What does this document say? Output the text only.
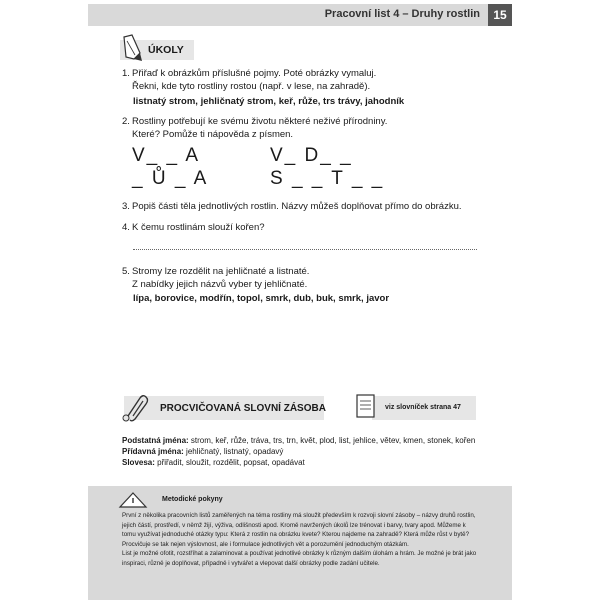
Pracovní list 4 – Druhy rostlin	15
ÚKOLY
1. Přiřaď k obrázkům příslušné pojmy. Poté obrázky vymaluj.
Řekni, kde tyto rostliny rostou (např. v lese, na zahradě).
listnatý strom, jehličnatý strom, keř, růže, trs trávy, jahodník
2. Rostliny potřebují ke svému životu některé neživé přírodniny.
Které? Pomůže ti nápověda z písmen.
V_ _ A	V_ D_ _
_ Ů _ A	S _ _ T _ _
3. Popiš části těla jednotlivých rostlin. Názvy můžeš doplňovat přímo do obrázku.
4. K čemu rostlinám slouží kořen?
5. Stromy lze rozdělit na jehličnaté a listnaté.
Z nabídky jejich názvů vyber ty jehličnaté.
lípa, borovice, modřín, topol, smrk, dub, buk, smrk, javor
PROCVIČOVANÁ SLOVNÍ ZÁSOBA	viz slovníček strana 47
Podstatná jména: strom, keř, růže, tráva, trs, trn, květ, plod, list, jehlice, větev, kmen, stonek, kořen
Přídavná jména: jehličnatý, listnatý, opadavý
Slovesa: přiřadit, sloužit, rozdělit, popsat, opadávat
Metodické pokyny
První z několika pracovních listů zaměřených na téma rostliny má sloužit především k rozvoji slovní zásoby – názvy druhů rostlin, jejich částí, prostředí, v němž žijí, výživa, odlišnosti apod. Kromě navržených úkolů lze trénovat i barvy, tvary apod. Můžeme k tomu využívat jednoduché otázky typu: Která z rostlin na obrázku kvete? Kterou najdeme na zahradě? Která může růst v bytě? Procvičuje se tak nejen výslovnost, ale i formulace jednotlivých vět a porozumění jednoduchým otázkám.
List je možné ofotit, rozstříhat a zalaminovat a používat jednotlivé obrázky k různým dalším úlohám a hrám. Je možné je brát jako inspiraci, různě je doplňovat, případně i vytvářet a vlepovat další obrázky podle zadání učitele.
